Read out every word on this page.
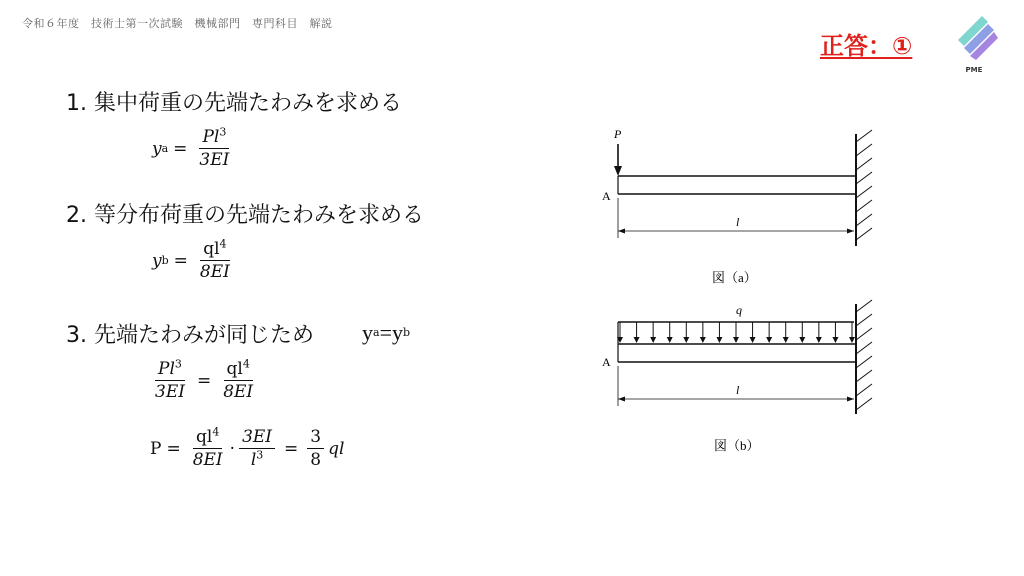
令和６年度　技術士第一次試験　機械部門　専門科目　解説
正答：①
PME
1. 集中荷重の先端たわみを求める
y $a = \frac{Pl^3}{3EI}$
2. 等分布荷重の先端たわみを求める
y $b = \frac{ql^4}{8EI}$
3. 先端たわみが同じため y a = y b
$\frac{Pl^3}{3EI} = \frac{ql^4}{8EI}$
$P = \frac{ql^4}{8EI} \cdot \frac{3EI}{l^3} = \frac{3}{8}$ ql
P
A
l
図（a）
q
A
l
図（b）
